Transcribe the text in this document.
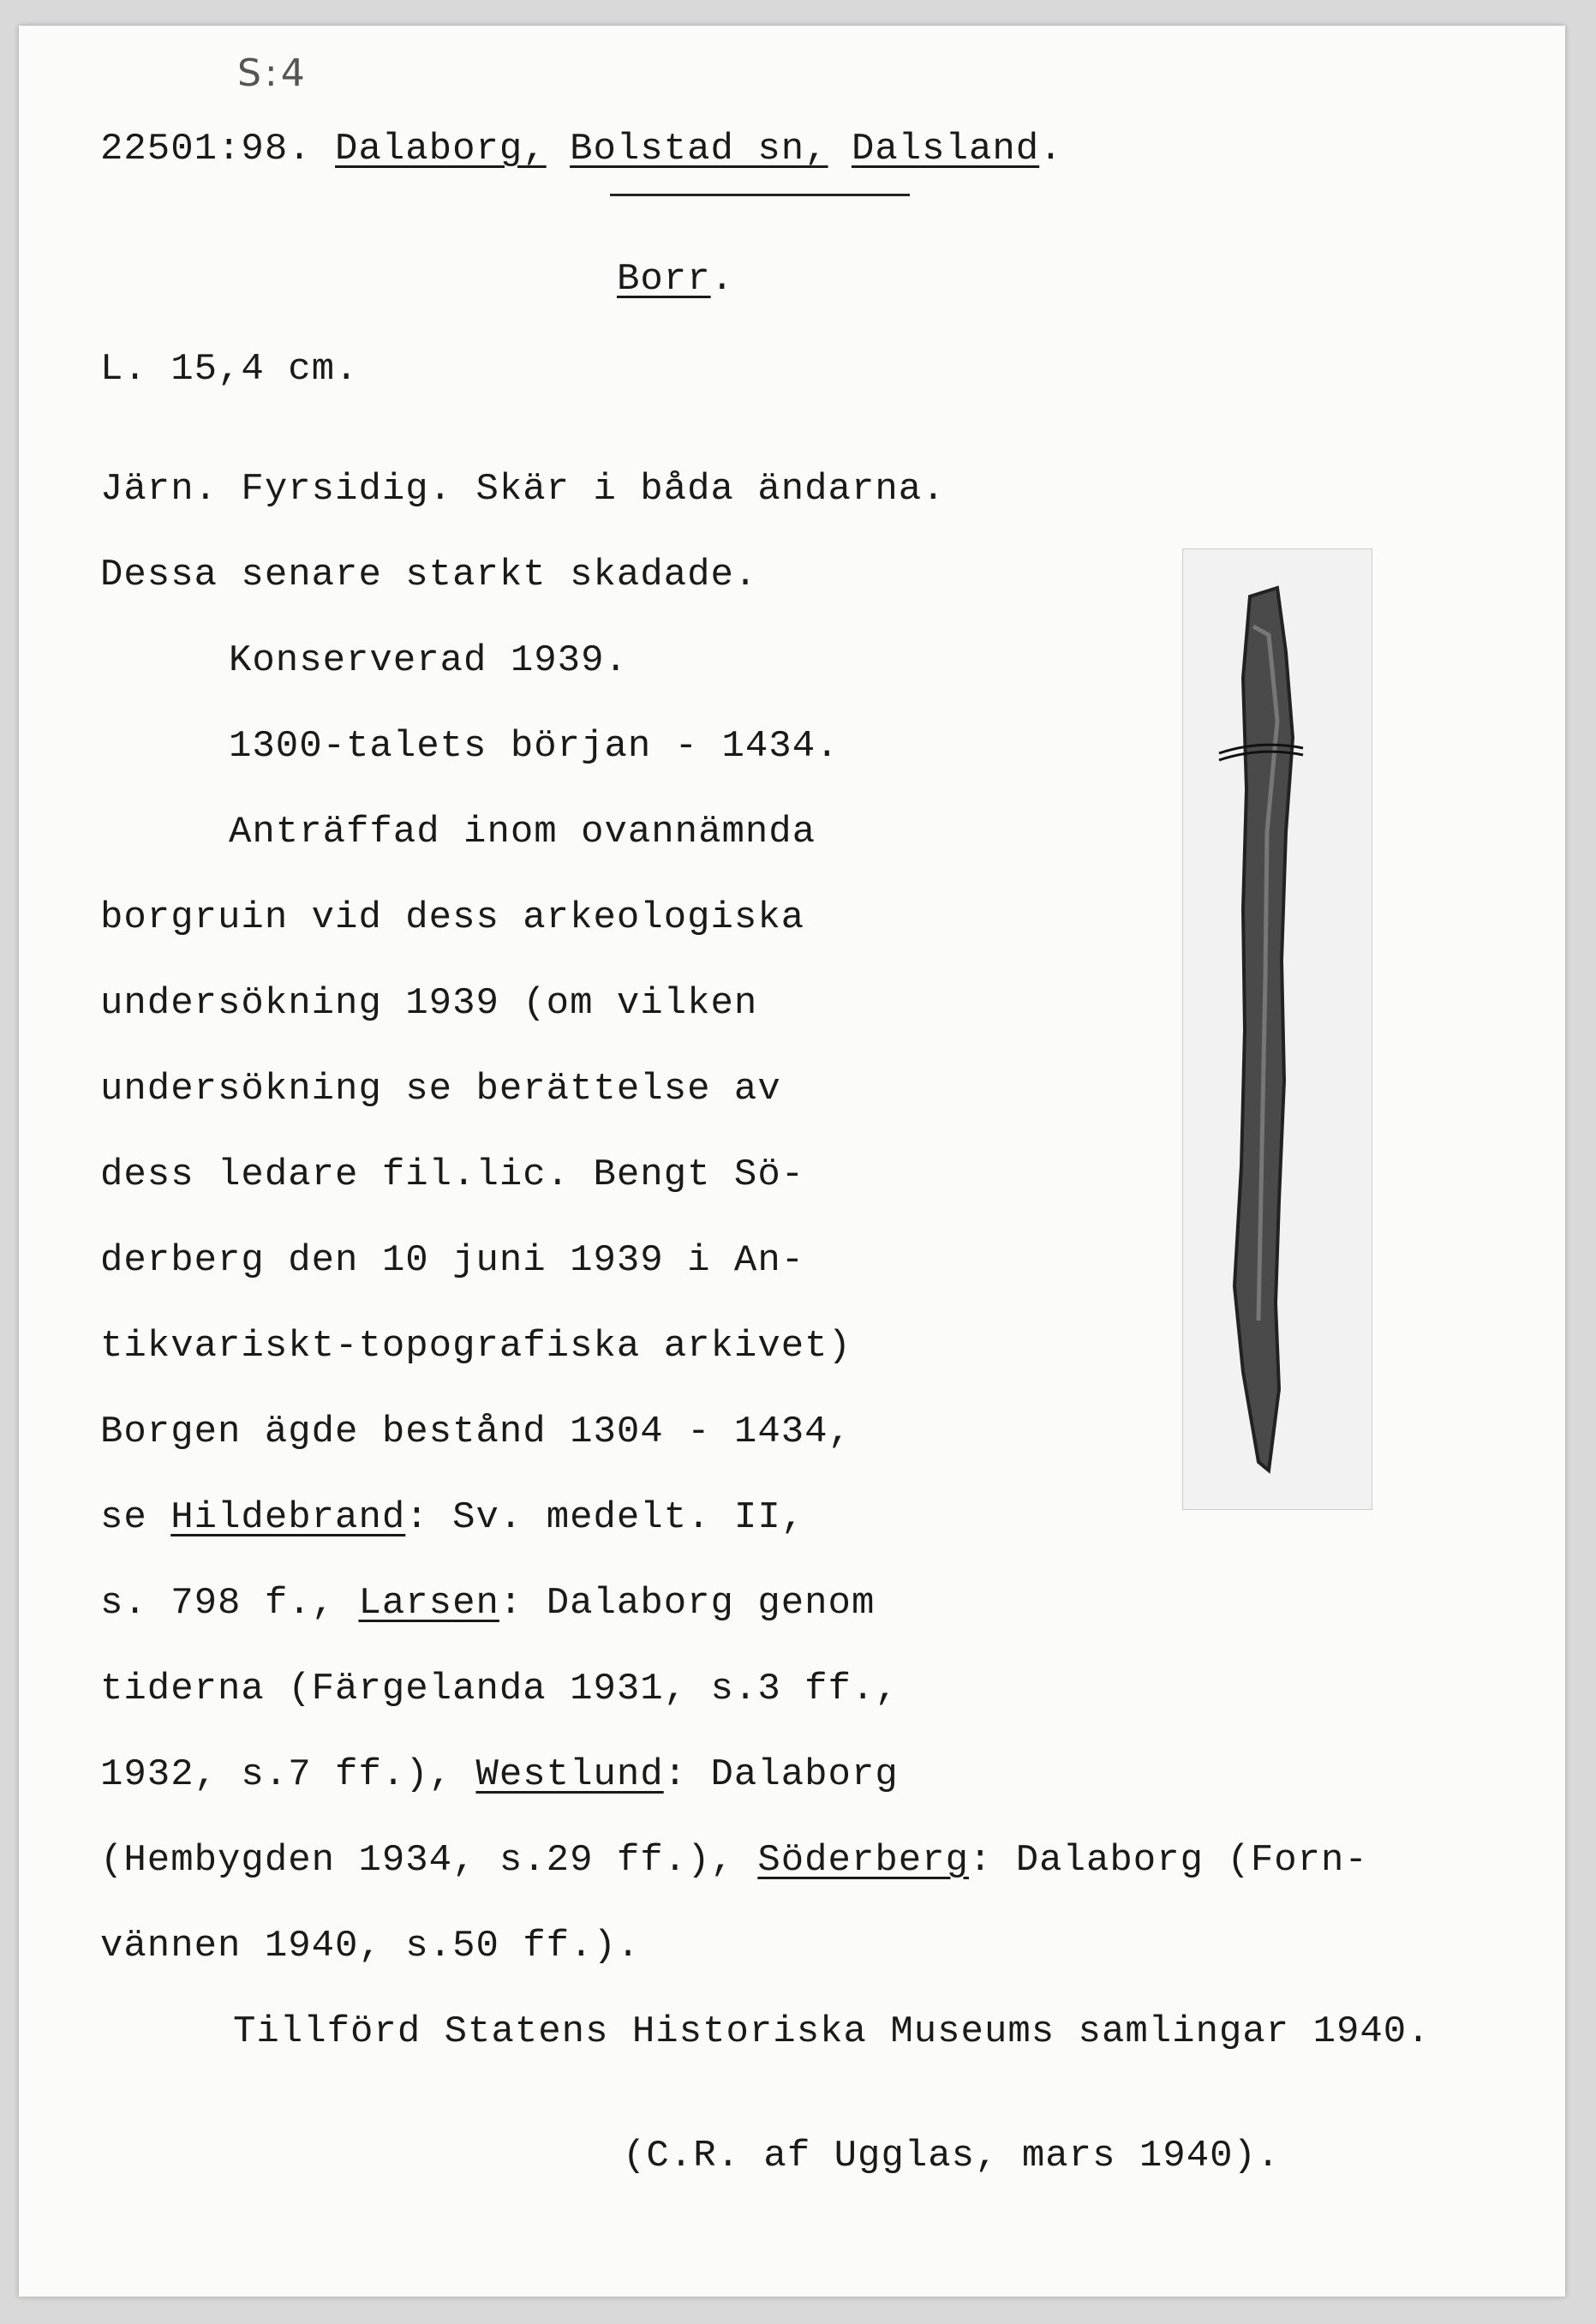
S:4
22501:98. Dalaborg, Bolstad sn, Dalsland.
Borr.
L. 15,4 cm.
Järn. Fyrsidig. Skär i båda ändarna.
Dessa senare starkt skadade.
Konserverad 1939.
1300-talets början - 1434.
Anträffad inom ovannämnda
borgruin vid dess arkeologiska
undersökning 1939 (om vilken
undersökning se berättelse av
dess ledare fil.lic. Bengt Sö-
derberg den 10 juni 1939 i An-
tikvariskt-topografiska arkivet)
Borgen ägde bestånd 1304 - 1434,
se Hildebrand: Sv. medelt. II,
s. 798 f., Larsen: Dalaborg genom
tiderna (Färgelanda 1931, s.3 ff.,
1932, s.7 ff.), Westlund: Dalaborg
(Hembygden 1934, s.29 ff.), Söderberg: Dalaborg (Forn-
vännen 1940, s.50 ff.).
Tillförd Statens Historiska Museums samlingar 1940.
(C.R. af Ugglas, mars 1940).
